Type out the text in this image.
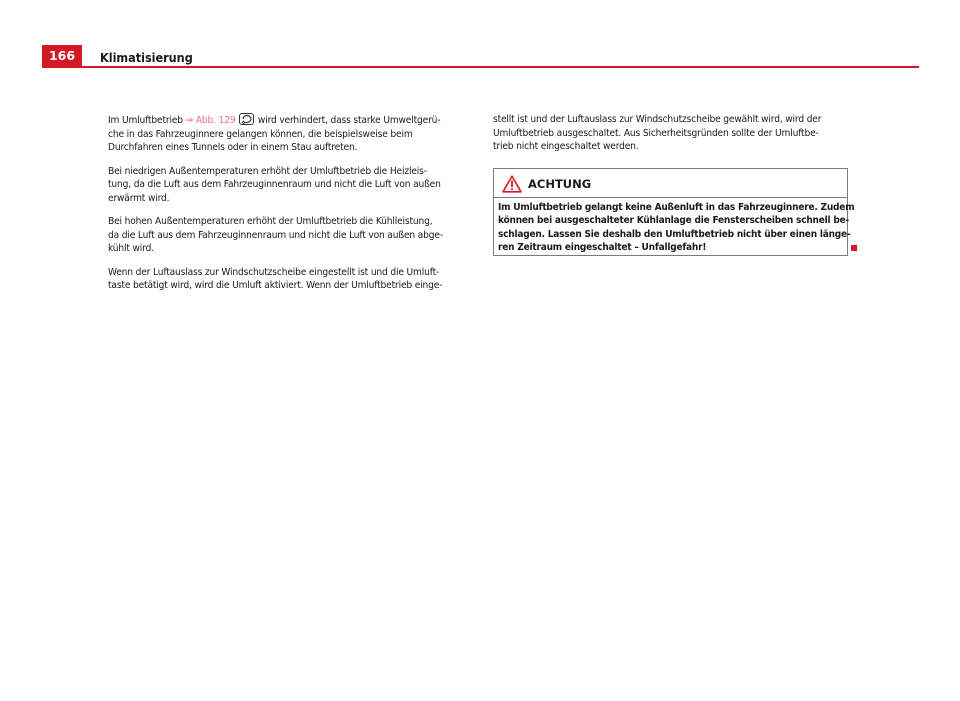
166	Klimatisierung

Im Umluftbetrieb ⇒ Abb. 129
wird verhindert, dass starke Umweltgerü-
che in das Fahrzeuginnere gelangen können, die beispielsweise beim
Durchfahren eines Tunnels oder in einem Stau auftreten.

Bei niedrigen Außentemperaturen erhöht der Umluftbetrieb die Heizleis-
tung, da die Luft aus dem Fahrzeuginnenraum und nicht die Luft von außen
erwärmt wird.

Bei hohen Außentemperaturen erhöht der Umluftbetrieb die Kühlleistung,
da die Luft aus dem Fahrzeuginnenraum und nicht die Luft von außen abge-
kühlt wird.

Wenn der Luftauslass zur Windschutzscheibe eingestellt ist und die Umluft-
taste betätigt wird, wird die Umluft aktiviert. Wenn der Umluftbetrieb einge-

stellt ist und der Luftauslass zur Windschutzscheibe gewählt wird, wird der
Umluftbetrieb ausgeschaltet. Aus Sicherheitsgründen sollte der Umluftbe-
trieb nicht eingeschaltet werden.

ACHTUNG
Im Umluftbetrieb gelangt keine Außenluft in das Fahrzeuginnere. Zudem
können bei ausgeschalteter Kühlanlage die Fensterscheiben schnell be-
schlagen. Lassen Sie deshalb den Umluftbetrieb nicht über einen länge-
ren Zeitraum eingeschaltet – Unfallgefahr!
